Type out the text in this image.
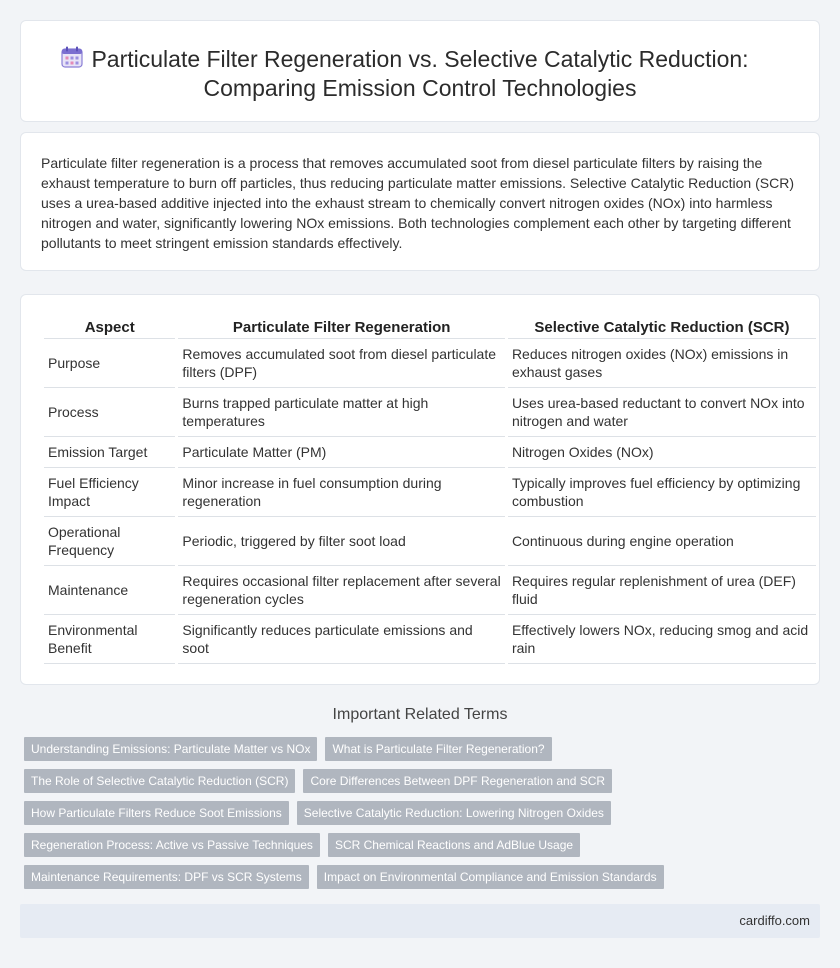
Particulate Filter Regeneration vs. Selective Catalytic Reduction:
Comparing Emission Control Technologies

Particulate filter regeneration is a process that removes accumulated soot from diesel particulate filters by raising the exhaust temperature to burn off particles, thus reducing particulate matter emissions. Selective Catalytic Reduction (SCR) uses a urea-based additive injected into the exhaust stream to chemically convert nitrogen oxides (NOx) into harmless nitrogen and water, significantly lowering NOx emissions. Both technologies complement each other by targeting different pollutants to meet stringent emission standards effectively.

Aspect	Particulate Filter Regeneration	Selective Catalytic Reduction (SCR)
Purpose	Removes accumulated soot from diesel particulate filters (DPF)	Reduces nitrogen oxides (NOx) emissions in exhaust gases
Process	Burns trapped particulate matter at high temperatures	Uses urea-based reductant to convert NOx into nitrogen and water
Emission Target	Particulate Matter (PM)	Nitrogen Oxides (NOx)
Fuel Efficiency Impact	Minor increase in fuel consumption during regeneration	Typically improves fuel efficiency by optimizing combustion
Operational Frequency	Periodic, triggered by filter soot load	Continuous during engine operation
Maintenance	Requires occasional filter replacement after several regeneration cycles	Requires regular replenishment of urea (DEF) fluid
Environmental Benefit	Significantly reduces particulate emissions and soot	Effectively lowers NOx, reducing smog and acid rain
Important Related Terms
Understanding Emissions: Particulate Matter vs NOx	What is Particulate Filter Regeneration?
The Role of Selective Catalytic Reduction (SCR)	Core Differences Between DPF Regeneration and SCR
How Particulate Filters Reduce Soot Emissions	Selective Catalytic Reduction: Lowering Nitrogen Oxides
Regeneration Process: Active vs Passive Techniques	SCR Chemical Reactions and AdBlue Usage
Maintenance Requirements: DPF vs SCR Systems	Impact on Environmental Compliance and Emission Standards
cardiffo.com
